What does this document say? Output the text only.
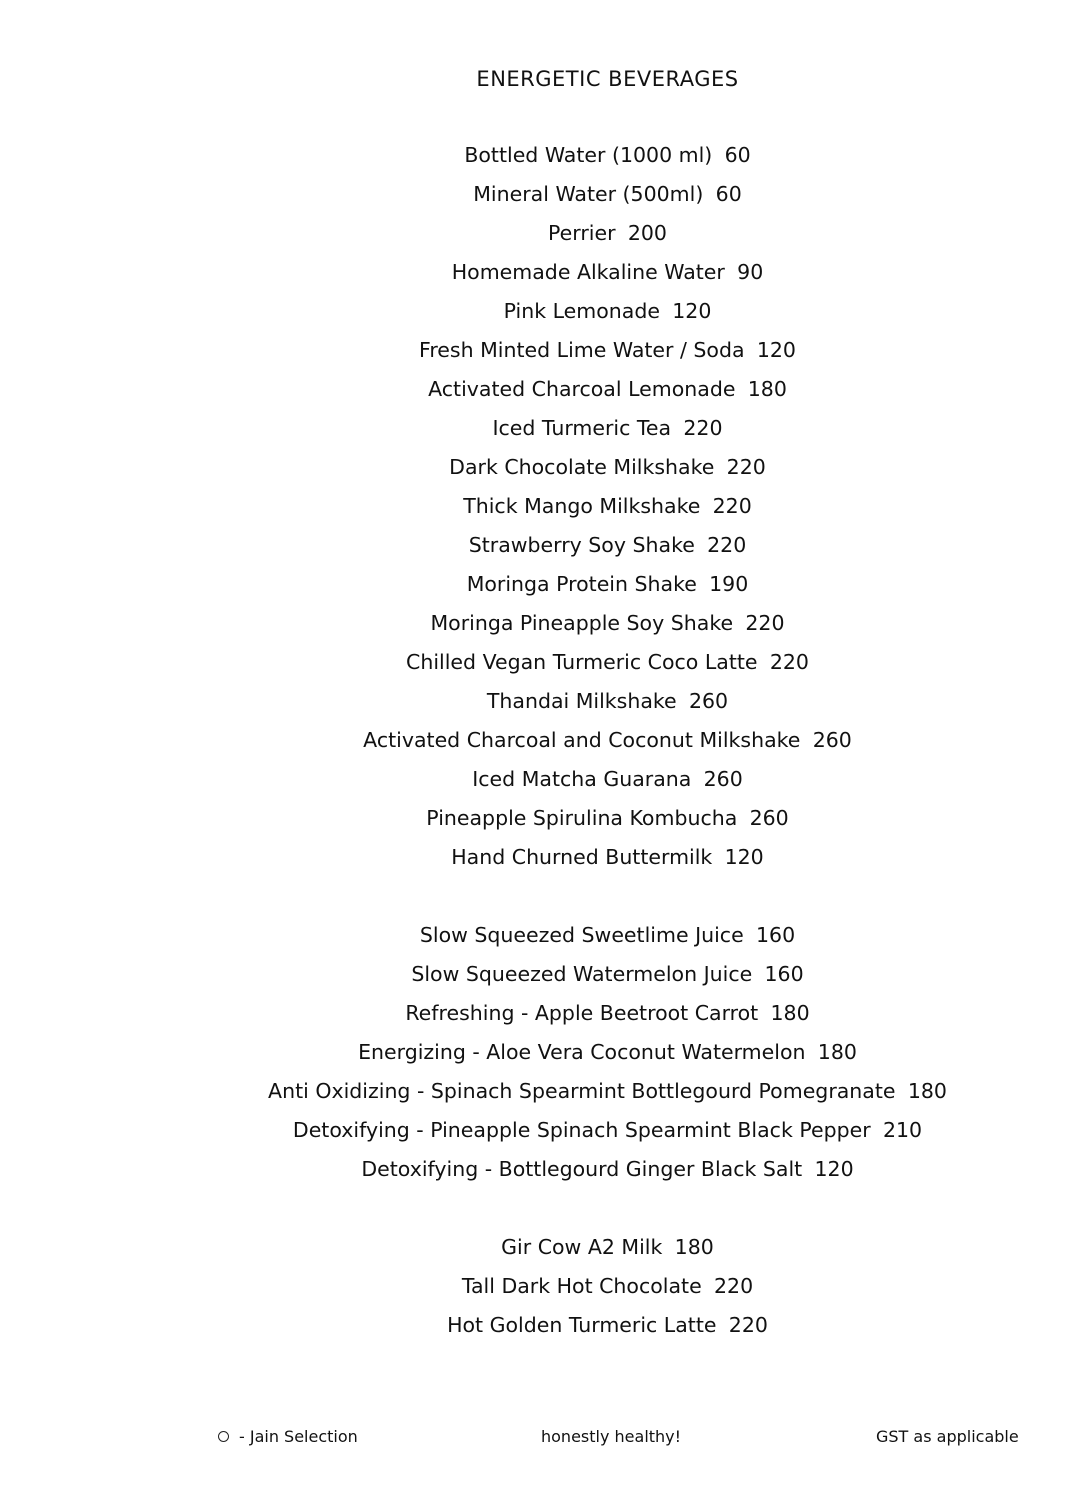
ENERGETIC BEVERAGES
Bottled Water (1000 ml) 60
Mineral Water (500ml) 60
Perrier 200
Homemade Alkaline Water 90
Pink Lemonade 120
Fresh Minted Lime Water / Soda 120
Activated Charcoal Lemonade 180
Iced Turmeric Tea 220
Dark Chocolate Milkshake 220
Thick Mango Milkshake 220
Strawberry Soy Shake 220
Moringa Protein Shake 190
Moringa Pineapple Soy Shake 220
Chilled Vegan Turmeric Coco Latte 220
Thandai Milkshake 260
Activated Charcoal and Coconut Milkshake 260
Iced Matcha Guarana 260
Pineapple Spirulina Kombucha 260
Hand Churned Buttermilk 120
Slow Squeezed Sweetlime Juice 160
Slow Squeezed Watermelon Juice 160
Refreshing - Apple Beetroot Carrot 180
Energizing - Aloe Vera Coconut Watermelon 180
Anti Oxidizing - Spinach Spearmint Bottlegourd Pomegranate 180
Detoxifying - Pineapple Spinach Spearmint Black Pepper 210
Detoxifying - Bottlegourd Ginger Black Salt 120
Gir Cow A2 Milk 180
Tall Dark Hot Chocolate 220
Hot Golden Turmeric Latte 220
- Jain Selection	honestly healthy!	GST as applicable
